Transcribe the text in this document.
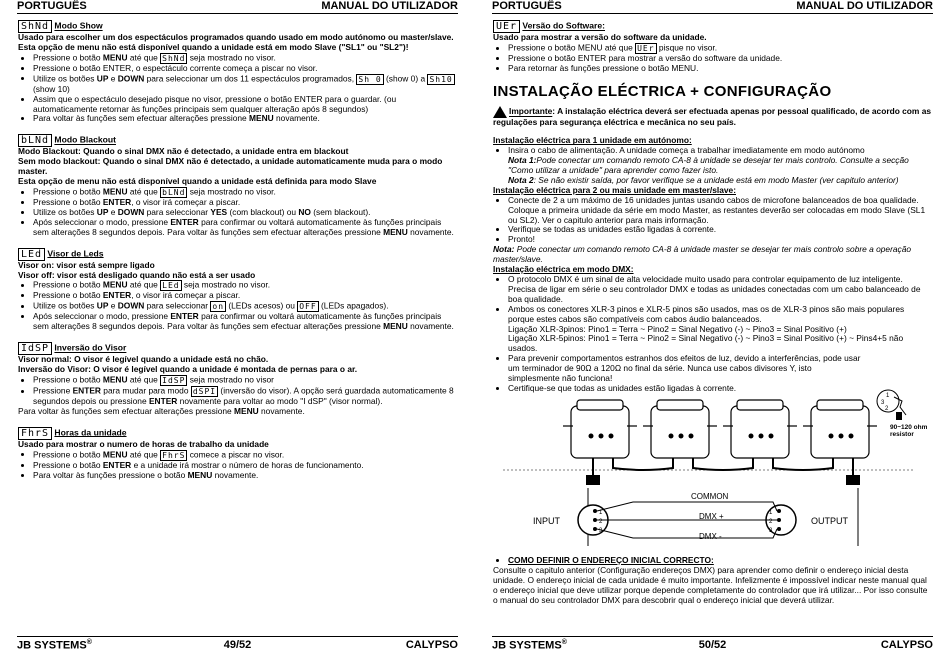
PORTUGUÊS	MANUAL DO UTILIZADOR
ShNd Modo Show

Usado para escolher um dos espectáculos programados quando usado em modo autónomo ou master/slave. Esta opção de menu não está disponível quando a unidade está em modo Slave ("SL1" ou "SL2")!

• Pressione o botão MENU até que ShNd seja mostrado no visor.
• Pressione o botão ENTER, o espectáculo corrente começa a piscar no visor.
• Utilize os botões UP e DOWN para seleccionar um dos 11 espectáculos programados, Sh 0 (show 0) a Sh10 (show 10)
• Assim que o espectáculo desejado pisque no visor, pressione o botão ENTER para o guardar. (ou automaticamente retornar às funções principais sem qualquer alteração após 8 segundos)
• Para voltar às funções sem efectuar alterações pressione MENU novamente.
bLNd Modo Blackout

Modo Blackout: Quando o sinal DMX não é detectado, a unidade entra em blackout

Sem modo blackout: Quando o sinal DMX não é detectado, a unidade automaticamente muda para o modo master.

Esta opção de menu não está disponível quando a unidade está definida para modo Slave

• Pressione o botão MENU até que bLNd seja mostrado no visor.
• Pressione o botão ENTER, o visor irá começar a piscar.
• Utilize os botões UP e DOWN para seleccionar YES (com blackout) ou NO (sem blackout).
• Após seleccionar o modo, pressione ENTER para confirmar ou voltará automaticamente às funções principais sem alterações 8 segundos depois. Para voltar às funções sem efectuar alterações pressione MENU novamente.
LEd Visor de Leds

Visor on: visor está sempre ligado

Visor off: visor está desligado quando não está a ser usado

• Pressione o botão MENU até que LEd seja mostrado no visor.
• Pressione o botão ENTER, o visor irá começar a piscar.
• Utilize os botões UP e DOWN para seleccionar on (LEDs acesos) ou OFF (LEDs apagados).
• Após seleccionar o modo, pressione ENTER para confirmar ou voltará automaticamente às funções principais sem alterações 8 segundos depois. Para voltar às funções sem efectuar alterações pressione MENU novamente.
IdSP Inversão do Visor

Visor normal: O visor é legível quando a unidade está no chão.

Inversão do Visor: O visor é legível quando a unidade é montada de pernas para o ar.

• Pressione o botão MENU até que IdSP seja mostrado no visor
• Pressione ENTER para mudar para modo dSPI (inversão do visor). A opção será guardada automaticamente 8 segundos depois ou pressione ENTER novamente para voltar ao modo "I dSP" (visor normal).

Para voltar às funções sem efectuar alterações pressione MENU novamente.

FhrS Horas da unidade

Usado para mostrar o numero de horas de trabalho da unidade

• Pressione o botão MENU até que FhrS comece a piscar no visor.
• Pressione o botão ENTER e a unidade irá mostrar o número de horas de funcionamento.
• Para voltar às funções pressione o botão MENU novamente.
JB SYSTEMS®	49/52	CALYPSO
PORTUGUÊS	MANUAL DO UTILIZADOR
UEr Versão do Software:

Usado para mostrar a versão do software da unidade.

• Pressione o botão MENU até que UEr pisque no visor.
• Pressione o botão ENTER para mostrar a versão do software da unidade.
• Para retornar às funções pressione o botão MENU.
INSTALAÇÃO ELÉCTRICA + CONFIGURAÇÃO
Importante: A instalação eléctrica deverá ser efectuada apenas por pessoal qualificado, de acordo com as regulações para segurança eléctrica e mecânica no seu país.
Instalação eléctrica para 1 unidade em autónomo:
• Insira o cabo de alimentação. A unidade começa a trabalhar imediatamente em modo autónomo

Nota 1:Pode conectar um comando remoto CA-8 à unidade se desejar ter mais controlo. Consulte a secção "Como utilizar a unidade" para aprender como fazer isto.

Nota 2: Se não existir saída, por favor verifique se a unidade está em modo Master (ver capitulo anterior)

Instalação eléctrica para 2 ou mais unidade em master/slave:
• Conecte de 2 a um máximo de 16 unidades juntas usando cabos de microfone balanceados de boa qualidade. Coloque a primeira unidade da série em modo Master, as restantes deverão ser colocadas em modo Slave (SL1 ou SL2). Ver o capitulo anterior para mais informação.
• Verifique se todas as unidades estão ligadas à corrente.
• Pronto!

Nota: Pode conectar um comando remoto CA-8 à unidade master se desejar ter mais controlo sobre a operação master/slave.

Instalação eléctrica em modo DMX:
• O protocolo DMX é um sinal de alta velocidade muito usado para controlar equipamento de luz inteligente. Precisa de ligar em série o seu controlador DMX e todas as unidades conectadas com um cabo balanceado de boa qualidade.
• Ambos os conectores XLR-3 pinos e XLR-5 pinos são usados, mas os de XLR-3 pinos são mais populares porque estes cabos são compatíveis com cabos áudio balanceados.
Ligação XLR-3pinos: Pino1 = Terra ~ Pino2 = Sinal Negativo (-) ~ Pino3 = Sinal Positivo (+)
Ligação XLR-5pinos: Pino1 = Terra ~ Pino2 = Sinal Negativo (-) ~ Pino3 = Sinal Positivo (+) ~ Pins4+5 não usados.
• Para prevenir comportamentos estranhos dos efeitos de luz, devido a interferências, pode usar um terminador de 90Ω a 120Ω no final da série. Nunca use cabos divisores Y, isto simplesmente não funciona!
• Certifique-se que todas as unidades estão ligadas à corrente.
1
3
2
90~120 ohm resistor
COMMON
DMX +
DMX -
INPUT	OUTPUT
1
2
3
1
2
3
• COMO DEFINIR O ENDEREÇO INICIAL CORRECTO:

Consulte o capitulo anterior (Configuração endereços DMX) para aprender como definir o endereço inicial desta unidade. O endereço inicial de cada unidade é muito importante. Infelizmente é impossível indicar neste manual qual o endereço inicial que deve utilizar porque depende completamente do controlador que irá utilizar... Por isso consulte o manual do seu controlador DMX para descobrir qual o endereço inicial que deverá utilizar.

JB SYSTEMS®	50/52	CALYPSO
